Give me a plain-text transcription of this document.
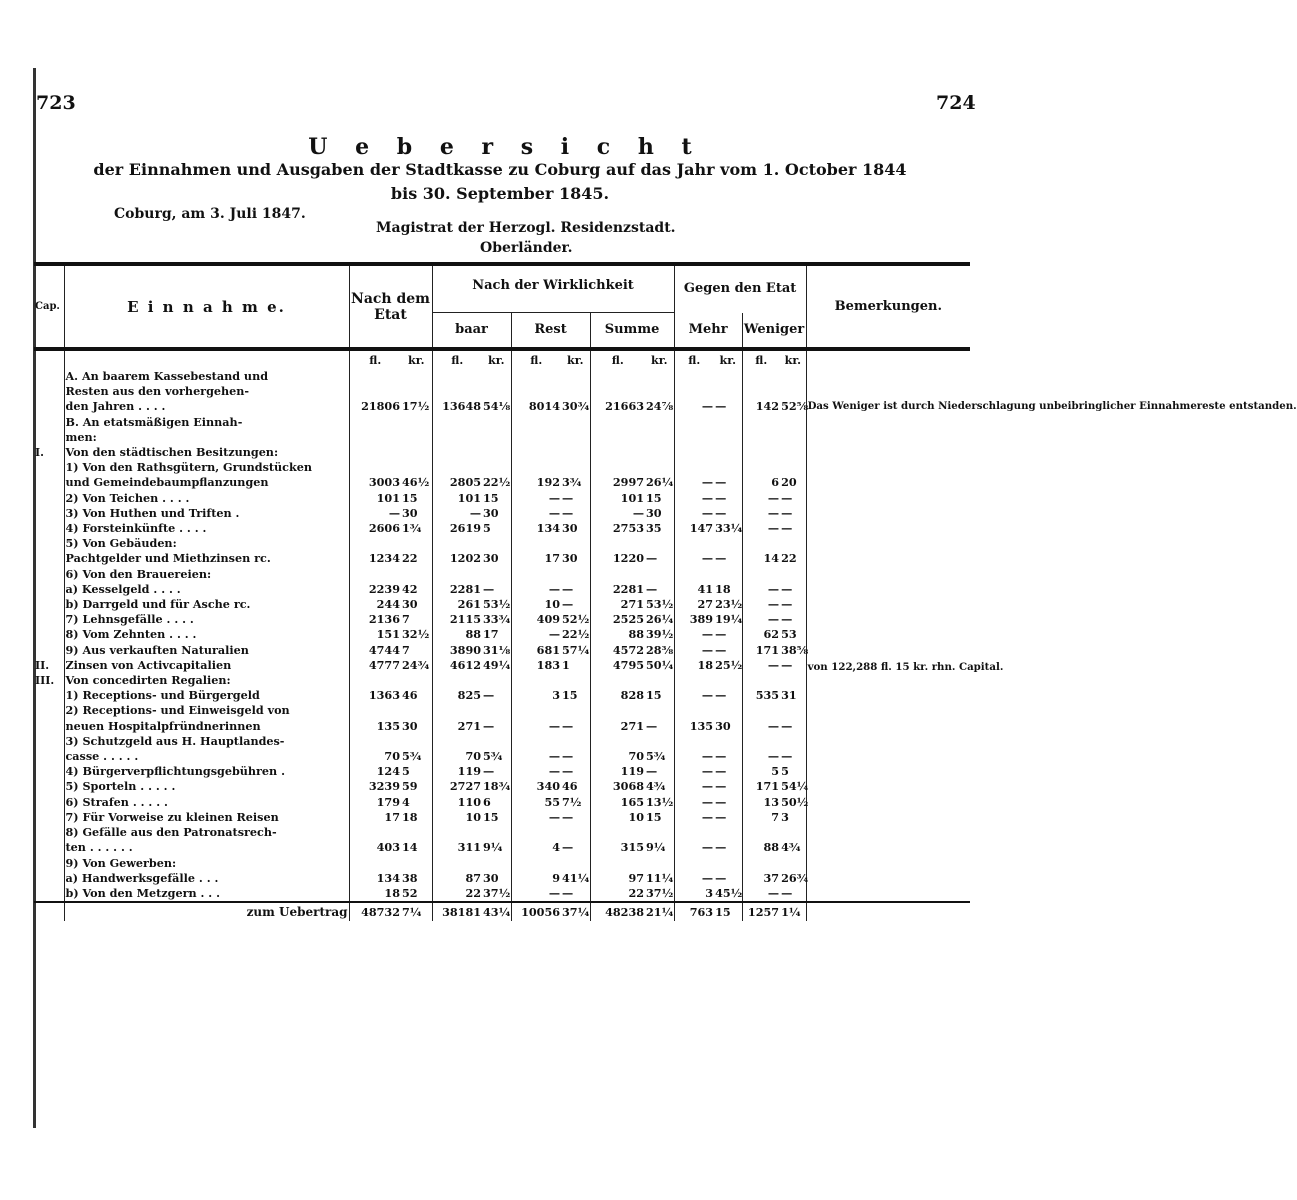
723	724
U e b e r s i c h t
der Einnahmen und Ausgaben der Stadtkasse zu Coburg auf das Jahr vom 1. October 1844
bis 30. September 1845.
Coburg, am 3. Juli 1847.
Magistrat der Herzogl. Residenzstadt.
Oberländer.
Cap.	E i n n a h m e.	Nach dem Etat		Nach der Wirklichkeit						Gegen den Etat				Bemerkungen.

				baar		Rest		Summe		Mehr		Weniger		
		fl.	kr.	fl.	kr.	fl.	kr.	fl.	kr.	fl.	kr.	fl.	kr.	
	A. An baarem Kassebestand und													Das Weniger ist durch Niederschlagung unbeibringlicher Einnahmereste entstanden.
	Resten aus den vorhergehen-													
	den Jahren . . . .	21806	17½	13648	54⅛	8014	30¾	21663	24⅞	—	—	142	52⅝	
	B. An etatsmäßigen Einnah-													
	men:													
I.	Von den städtischen Besitzungen:													
	1) Von den Rathsgütern, Grundstücken													
	und Gemeindebaumpflanzungen	3003	46½	2805	22½	192	3¾	2997	26¼	—	—	6	20	
	2) Von Teichen . . . .	101	15	101	15	—	—	101	15	—	—	—	—	
	3) Von Huthen und Triften .	—	30	—	30	—	—	—	30	—	—	—	—	
	4) Forsteinkünfte . . . .	2606	1¾	2619	5	134	30	2753	35	147	33¼	—	—	
	5) Von Gebäuden:													
	Pachtgelder und Miethzinsen rc.	1234	22	1202	30	17	30	1220	—	—	—	14	22	
	6) Von den Brauereien:													
	a) Kesselgeld . . . .	2239	42	2281	—	—	—	2281	—	41	18	—	—	
	b) Darrgeld und für Asche rc.	244	30	261	53½	10	—	271	53½	27	23½	—	—	
	7) Lehnsgefälle . . . .	2136	7	2115	33¾	409	52½	2525	26¼	389	19¼	—	—	
	8) Vom Zehnten . . . .	151	32½	88	17	—	22½	88	39½	—	—	62	53	
	9) Aus verkauften Naturalien	4744	7	3890	31⅛	681	57¼	4572	28⅜	—	—	171	38⅝	
II.	Zinsen von Activcapitalien	4777	24¾	4612	49¼	183	1	4795	50¼	18	25½	—	—	von 122,288 fl. 15 kr. rhn. Capital.
III.	Von concedirten Regalien:													
	1) Receptions- und Bürgergeld	1363	46	825	—	3	15	828	15	—	—	535	31	
	2) Receptions- und Einweisgeld von													
	neuen Hospitalpfründnerinnen	135	30	271	—	—	—	271	—	135	30	—	—	
	3) Schutzgeld aus H. Hauptlandes-													
	casse . . . . .	70	5¾	70	5¾	—	—	70	5¾	—	—	—	—	
	4) Bürgerverpflichtungsgebühren .	124	5	119	—	—	—	119	—	—	—	5	5	
	5) Sporteln . . . . .	3239	59	2727	18¾	340	46	3068	4¾	—	—	171	54¼	
	6) Strafen . . . . .	179	4	110	6	55	7½	165	13½	—	—	13	50½	
	7) Für Vorweise zu kleinen Reisen	17	18	10	15	—	—	10	15	—	—	7	3	
	8) Gefälle aus den Patronatsrech-													
	ten . . . . . .	403	14	311	9¼	4	—	315	9¼	—	—	88	4¾	
	9) Von Gewerben:													
	a) Handwerksgefälle . . .	134	38	87	30	9	41¼	97	11¼	—	—	37	26¾	
	b) Von den Metzgern . . .	18	52	22	37½	—	—	22	37½	3	45½	—	—	
	zum Uebertrag	48732	7¼	38181	43¼	10056	37¼	48238	21¼	763	15	1257	1¼	
